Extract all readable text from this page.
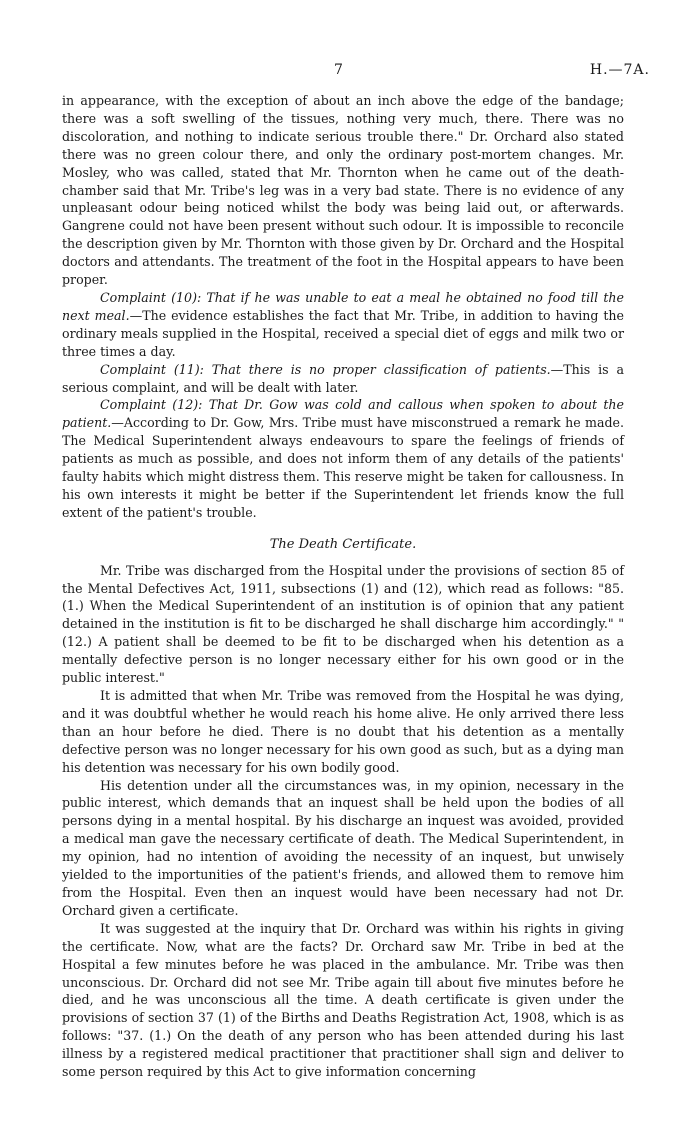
7	H.—7A.

in appearance, with the exception of about an inch above the edge of the bandage; there was a soft swelling of the tissues, nothing very much, there. There was no discoloration, and nothing to indicate serious trouble there." Dr. Orchard also stated there was no green colour there, and only the ordinary post-mortem changes. Mr. Mosley, who was called, stated that Mr. Thornton when he came out of the death-chamber said that Mr. Tribe's leg was in a very bad state. There is no evidence of any unpleasant odour being noticed whilst the body was being laid out, or afterwards. Gangrene could not have been present without such odour. It is impossible to reconcile the description given by Mr. Thornton with those given by Dr. Orchard and the Hospital doctors and attendants. The treatment of the foot in the Hospital appears to have been proper.

Complaint (10): That if he was unable to eat a meal he obtained no food till the next meal.—The evidence establishes the fact that Mr. Tribe, in addition to having the ordinary meals supplied in the Hospital, received a special diet of eggs and milk two or three times a day.

Complaint (11): That there is no proper classification of patients.—This is a serious complaint, and will be dealt with later.

Complaint (12): That Dr. Gow was cold and callous when spoken to about the patient.—According to Dr. Gow, Mrs. Tribe must have misconstrued a remark he made. The Medical Superintendent always endeavours to spare the feelings of friends of patients as much as possible, and does not inform them of any details of the patients' faulty habits which might distress them. This reserve might be taken for callousness. In his own interests it might be better if the Superintendent let friends know the full extent of the patient's trouble.

The Death Certificate.

Mr. Tribe was discharged from the Hospital under the provisions of section 85 of the Mental Defectives Act, 1911, subsections (1) and (12), which read as follows: "85. (1.) When the Medical Superintendent of an institution is of opinion that any patient detained in the institution is fit to be discharged he shall discharge him accordingly." "(12.) A patient shall be deemed to be fit to be discharged when his detention as a mentally defective person is no longer necessary either for his own good or in the public interest."

It is admitted that when Mr. Tribe was removed from the Hospital he was dying, and it was doubtful whether he would reach his home alive. He only arrived there less than an hour before he died. There is no doubt that his detention as a mentally defective person was no longer necessary for his own good as such, but as a dying man his detention was necessary for his own bodily good.

His detention under all the circumstances was, in my opinion, necessary in the public interest, which demands that an inquest shall be held upon the bodies of all persons dying in a mental hospital. By his discharge an inquest was avoided, provided a medical man gave the necessary certificate of death. The Medical Superintendent, in my opinion, had no intention of avoiding the necessity of an inquest, but unwisely yielded to the importunities of the patient's friends, and allowed them to remove him from the Hospital. Even then an inquest would have been necessary had not Dr. Orchard given a certificate.

It was suggested at the inquiry that Dr. Orchard was within his rights in giving the certificate. Now, what are the facts? Dr. Orchard saw Mr. Tribe in bed at the Hospital a few minutes before he was placed in the ambulance. Mr. Tribe was then unconscious. Dr. Orchard did not see Mr. Tribe again till about five minutes before he died, and he was unconscious all the time. A death certificate is given under the provisions of section 37 (1) of the Births and Deaths Registration Act, 1908, which is as follows: "37. (1.) On the death of any person who has been attended during his last illness by a registered medical practitioner that practitioner shall sign and deliver to some person required by this Act to give information concerning
